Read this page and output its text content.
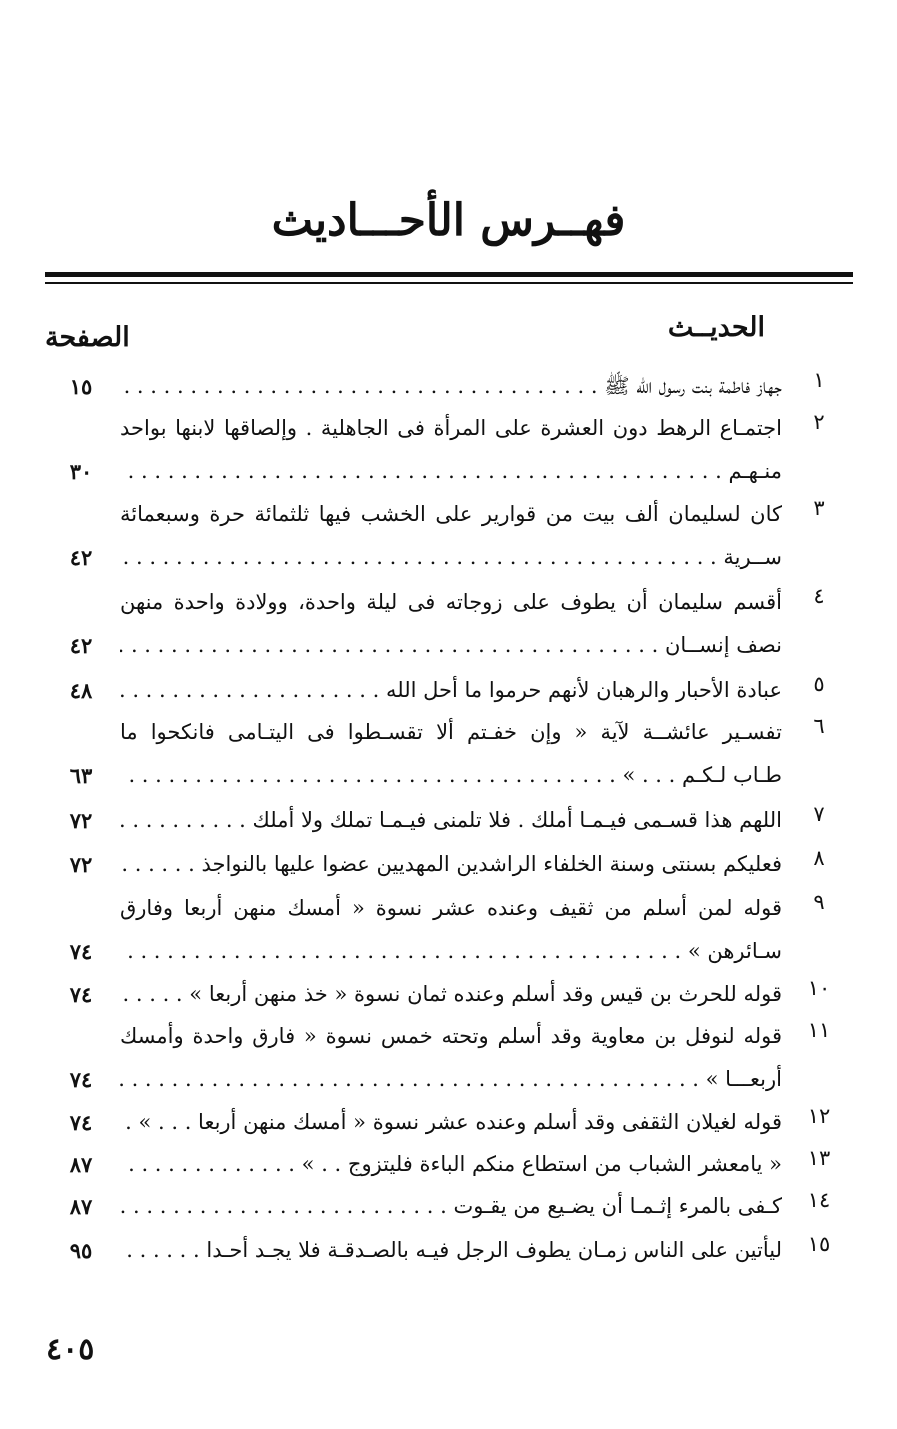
فهــرس الأحـــاديث
الحديــث
الصفحة
١
جهاز فاطمة بنت رسول الله ﷺ . . .
١٥
٢
اجتمـاع الرهط دون العشرة على المرأة فى الجاهلية . وإلصاقها لابنها بواحد
منـهـم . . .
٣٠
٣
كان لسليمان ألف بيت من قوارير على الخشب فيها ثلثمائة حرة وسبعمائة
ســرية . . .
٤٢
٤
أقسم سليمان أن يطوف على زوجاته فى ليلة واحدة، وولادة واحدة منهن
نصف إنســان . . .
٤٢
٥
عبادة الأحبار والرهبان لأنهم حرموا ما أحل الله . . .
٤٨
٦
تفسـير عائشــة لآية « وإن خفـتم ألا تقسـطوا فى اليتـامى فانكحوا ما
طـاب لـكـم . . . » . . .
٦٣
٧
اللهم هذا قسـمى فيـمـا أملك . فلا تلمنى فيـمـا تملك ولا أملك . . .
٧٢
٨
فعليكم بسنتى وسنة الخلفاء الراشدين المهديين عضوا عليها بالنواجذ . . .
٧٢
٩
قوله لمن أسلم من ثقيف وعنده عشر نسوة « أمسك منهن أربعا وفارق
سـائرهن » . . .
٧٤
١٠
قوله للحرث بن قيس وقد أسلم وعنده ثمان نسوة « خذ منهن أربعا » . . .
٧٤
١١
قوله لنوفل بن معاوية وقد أسلم وتحته خمس نسوة « فارق واحدة وأمسك
أربعـــا » . . .
٧٤
١٢
قوله لغيلان الثقفى وقد أسلم وعنده عشر نسوة « أمسك منهن أربعا . . . » . . .
٧٤
١٣
« يامعشر الشباب من استطاع منكم الباءة فليتزوج . . » . . .
٨٧
١٤
كـفى بالمرء إثـمـا أن يضـيع من يقـوت . . .
٨٧
١٥
ليأتين على الناس زمـان يطوف الرجل فيـه بالصـدقـة فلا يجـد أحـدا . . .
٩٥
٤٠٥
